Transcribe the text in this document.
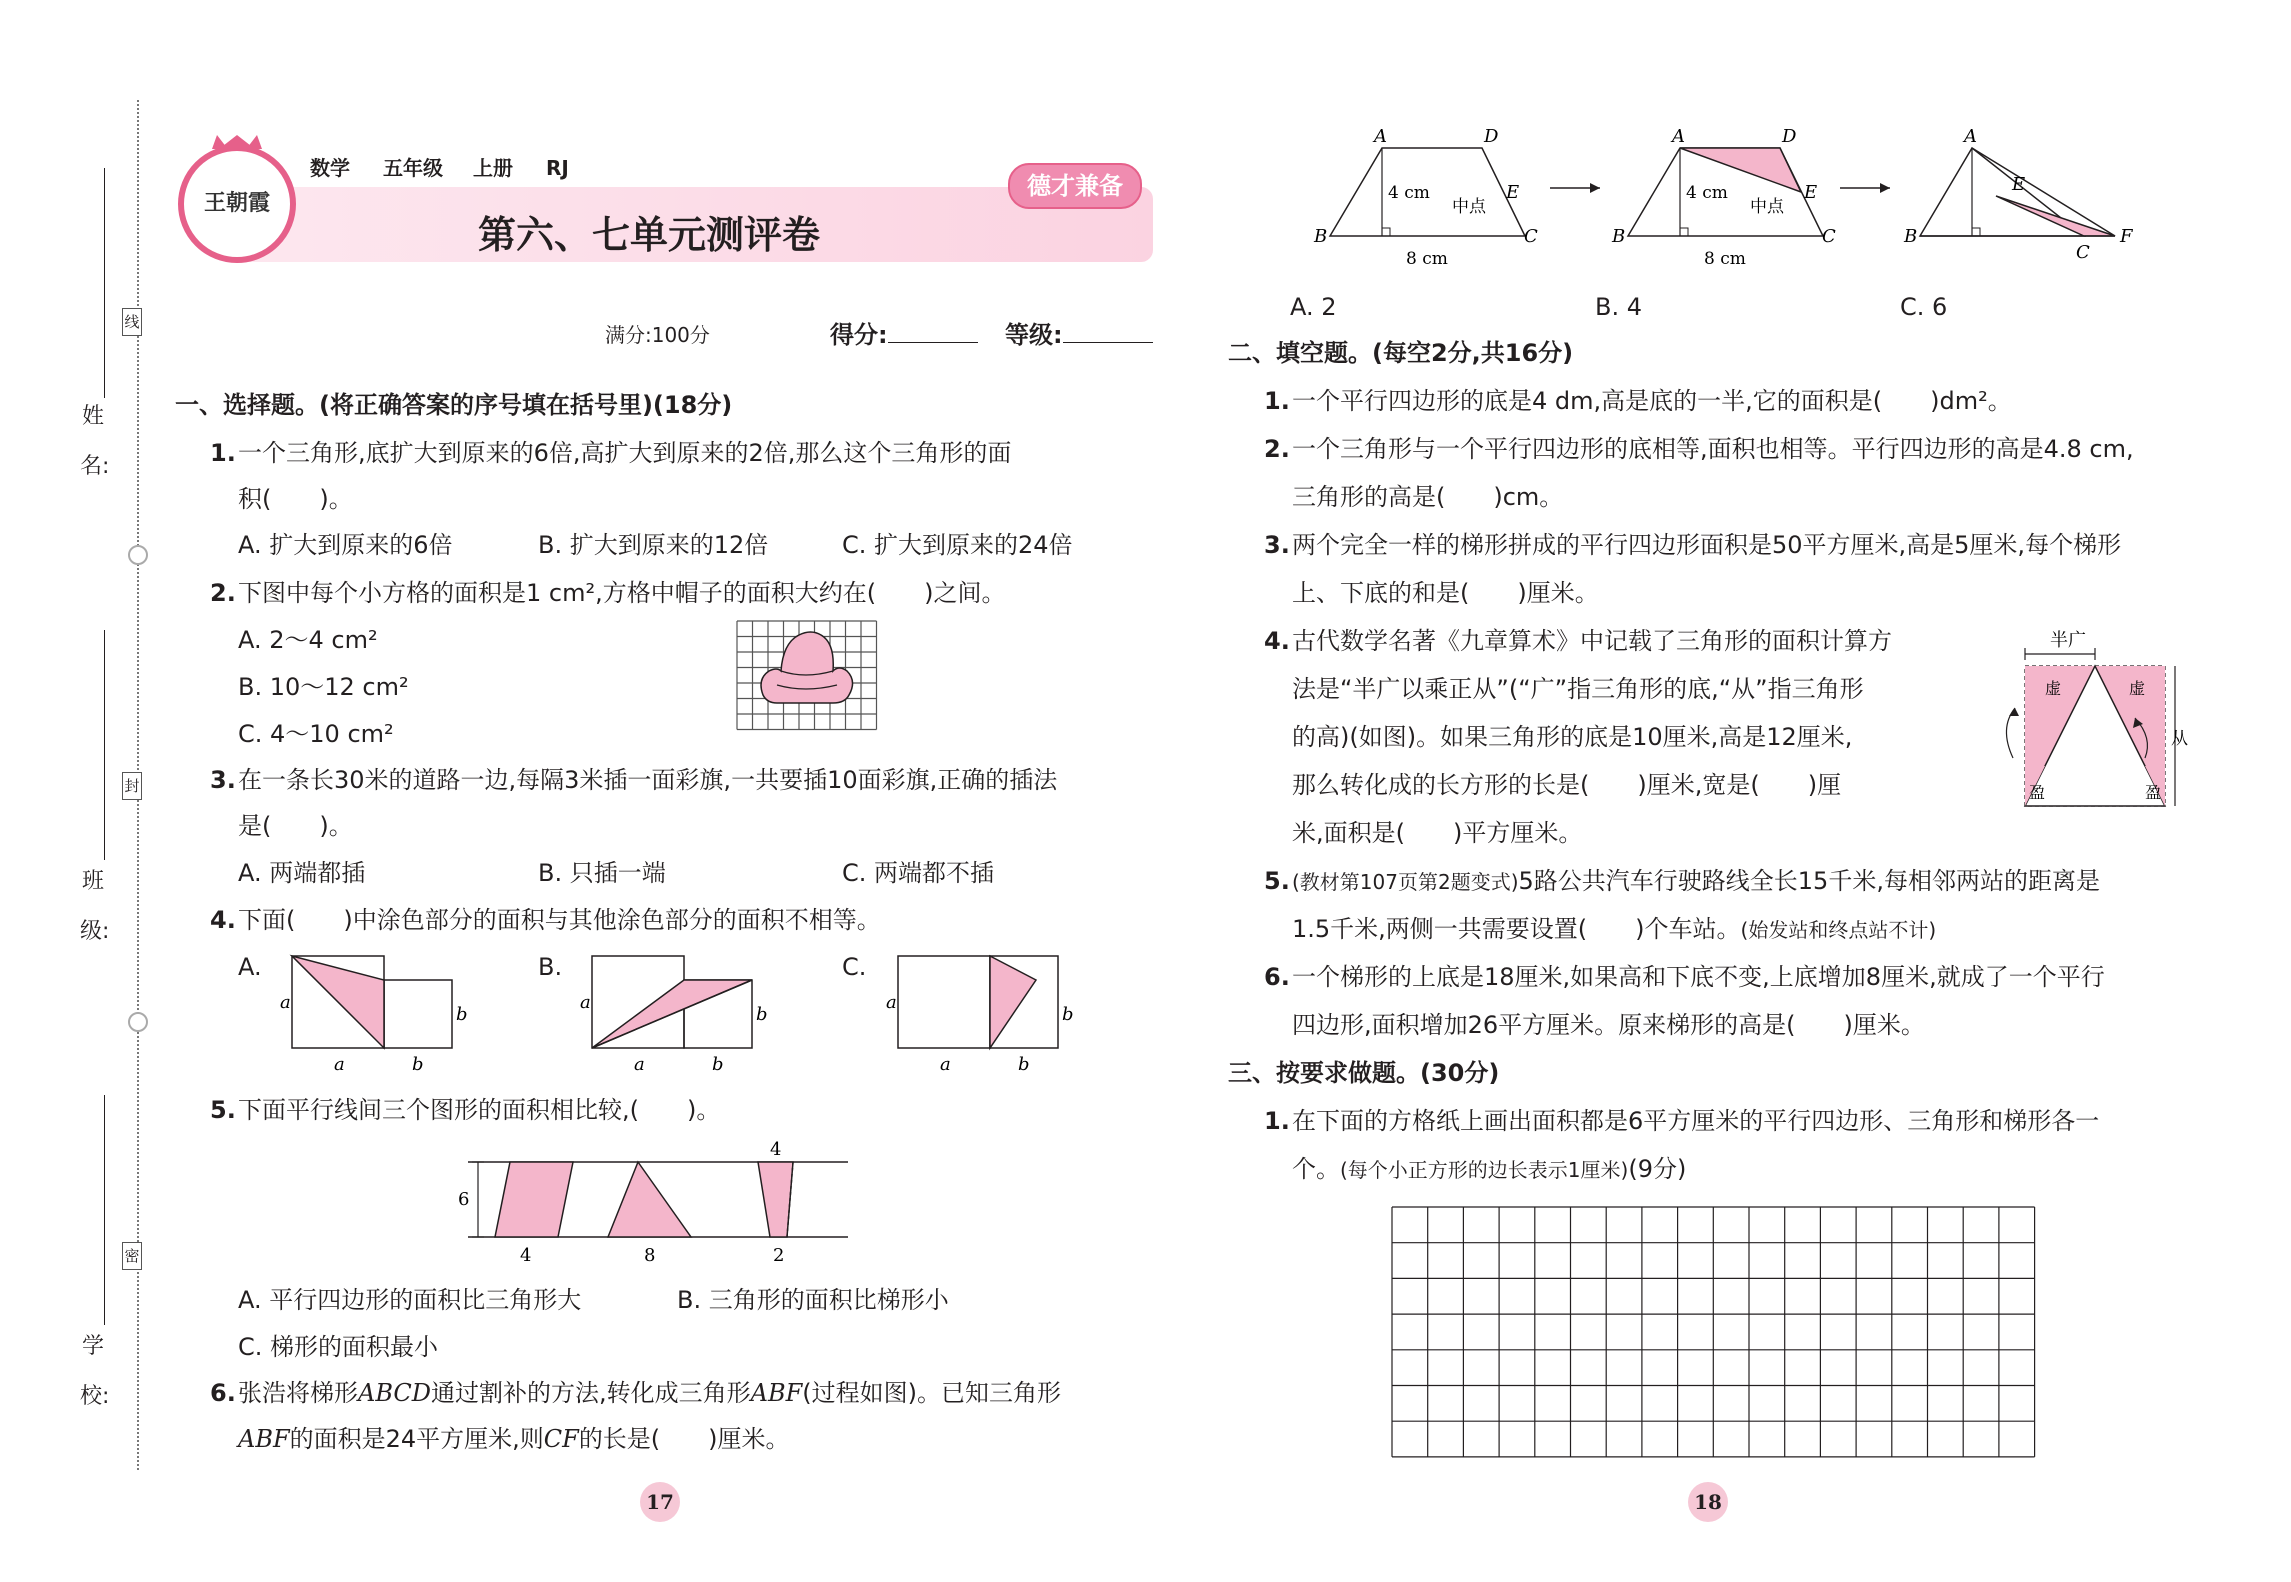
姓
名:
班
级:
学
校:
线
封
密
王朝霞
数学 五年级 上册 RJ
第六、七单元测评卷
德才兼备
满分:100分	得分:	等级:
一、选择题。(将正确答案的序号填在括号里)(18分)
1. 一个三角形,底扩大到原来的6倍,高扩大到原来的2倍,那么这个三角形的面
积(　　)。
A. 扩大到原来的6倍	B. 扩大到原来的12倍	C. 扩大到原来的24倍
2. 下图中每个小方格的面积是1 cm²,方格中帽子的面积大约在(　　)之间。
A. 2～4 cm²
B. 10～12 cm²
C. 4～10 cm²
3. 在一条长30米的道路一边,每隔3米插一面彩旗,一共要插10面彩旗,正确的插法
是(　　)。
A. 两端都插	B. 只插一端	C. 两端都不插
4. 下面(　　)中涂色部分的面积与其他涂色部分的面积不相等。
A.	B.	C.
a
b
a	b
a
b
a	b
a
b
a	b
5. 下面平行线间三个图形的面积相比较,(　　)。
6
4
4	8	2
A. 平行四边形的面积比三角形大	B. 三角形的面积比梯形小
C. 梯形的面积最小
6. 张浩将梯形ABCD通过割补的方法,转化成三角形ABF(过程如图)。已知三角形
ABF的面积是24平方厘米,则CF的长是(　　)厘米。
17
A	D
B	C
E
4 cm
中点
8 cm
A	D
B	C
E
4 cm
中点
8 cm
A
B
E
C
F
A. 2	B. 4	C. 6
二、填空题。(每空2分,共16分)
1. 一个平行四边形的底是4 dm,高是底的一半,它的面积是(　　)dm²。
2. 一个三角形与一个平行四边形的底相等,面积也相等。平行四边形的高是4.8 cm,
三角形的高是(　　)cm。
3. 两个完全一样的梯形拼成的平行四边形面积是50平方厘米,高是5厘米,每个梯形
上、下底的和是(　　)厘米。
4. 古代数学名著《九章算术》中记载了三角形的面积计算方
法是“半广以乘正从”(“广”指三角形的底,“从”指三角形
的高)(如图)。如果三角形的底是10厘米,高是12厘米,
那么转化成的长方形的长是(　　)厘米,宽是(　　)厘
米,面积是(　　)平方厘米。
半广
虚	虚
盈	盈
从
5. (教材第107页第2题变式)5路公共汽车行驶路线全长15千米,每相邻两站的距离是
1.5千米,两侧一共需要设置(　　)个车站。(始发站和终点站不计)
6. 一个梯形的上底是18厘米,如果高和下底不变,上底增加8厘米,就成了一个平行
四边形,面积增加26平方厘米。原来梯形的高是(　　)厘米。
三、按要求做题。(30分)
1. 在下面的方格纸上画出面积都是6平方厘米的平行四边形、三角形和梯形各一
个。(每个小正方形的边长表示1厘米)(9分)
18
